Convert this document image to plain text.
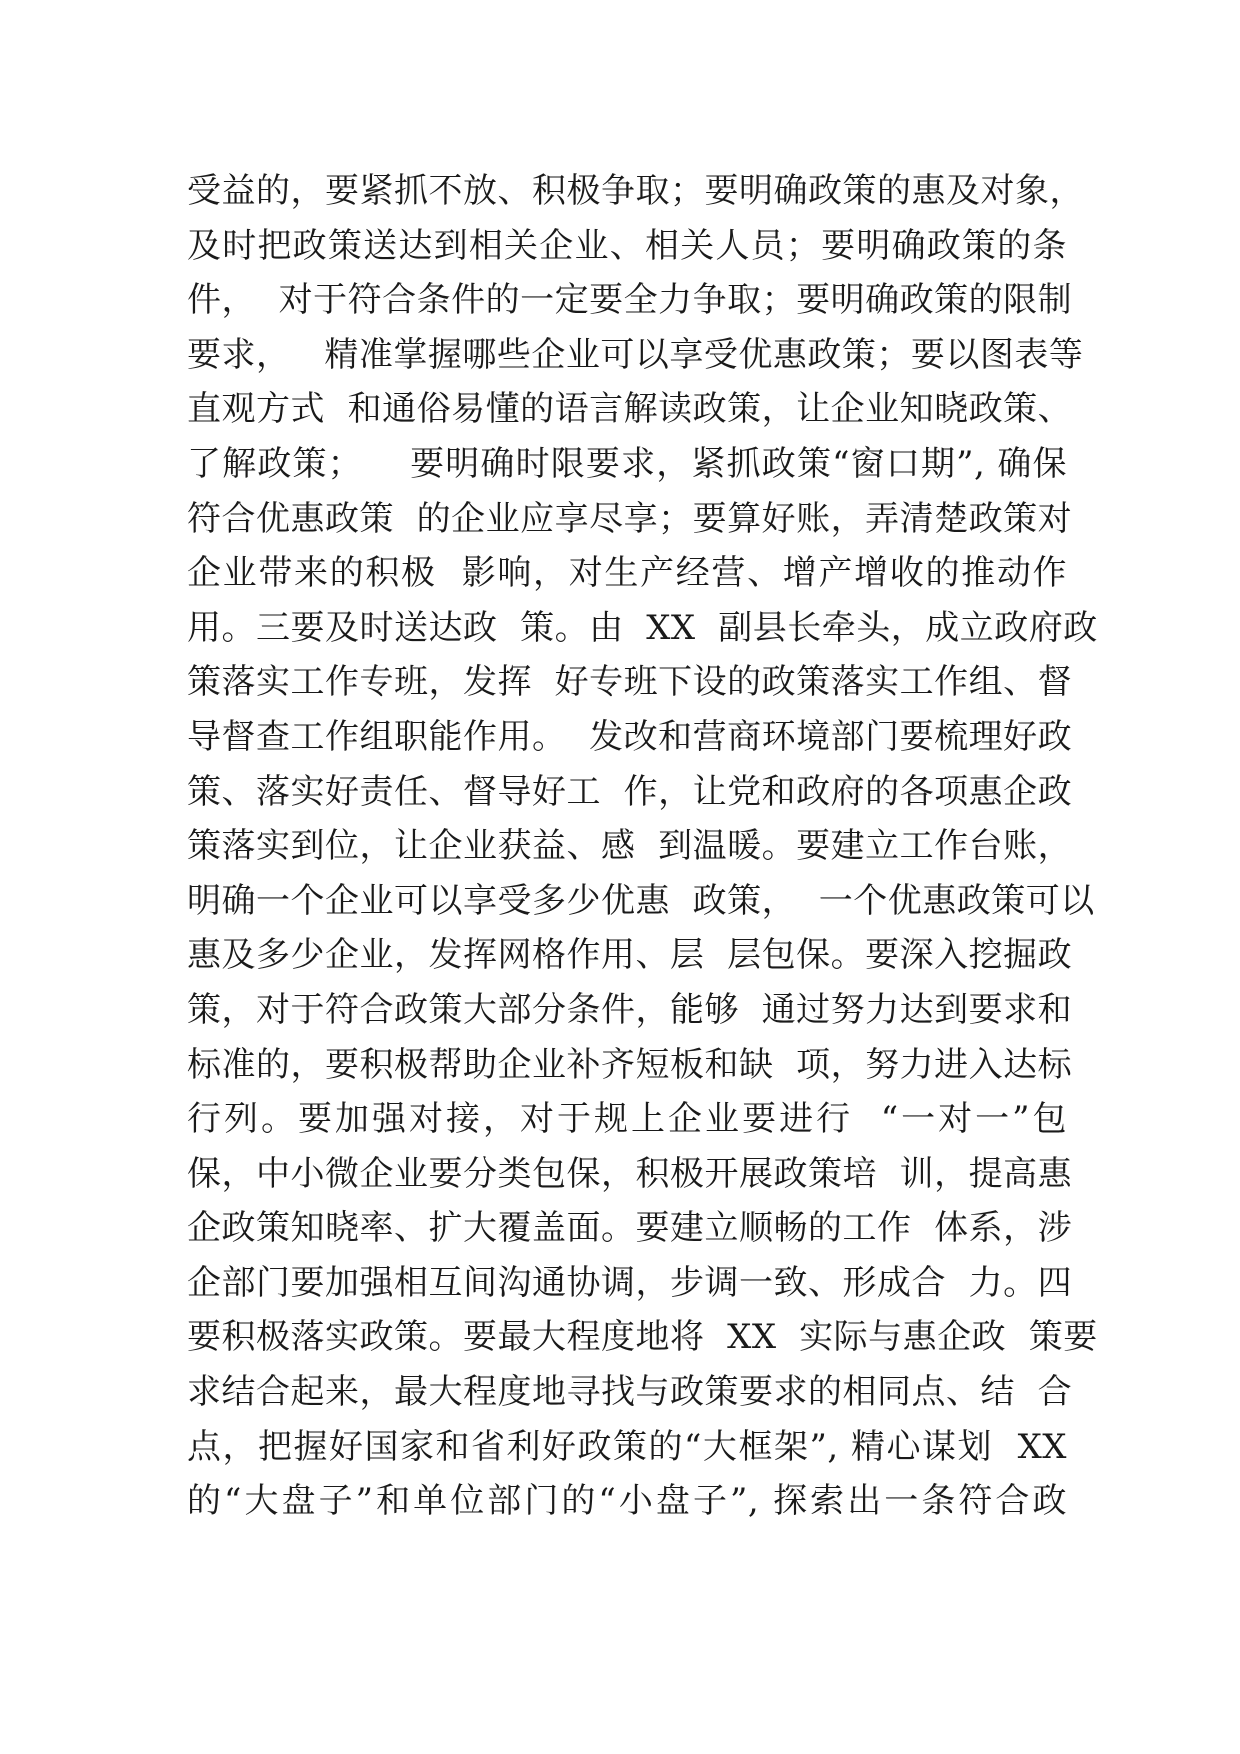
受益的，要紧抓不放、积极争取；要明确政策的惠及对象，
及时把政策送达到相关企业、相关人员；要明确政策的条
件，  对于符合条件的一定要全力争取；要明确政策的限制
要求，   精准掌握哪些企业可以享受优惠政策；要以图表等
直观方式  和通俗易懂的语言解读政策，让企业知晓政策、
了解政策；    要明确时限要求，紧抓政策“窗口期”, 确保
符合优惠政策  的企业应享尽享；要算好账，弄清楚政策对
企业带来的积极  影响，对生产经营、增产增收的推动作
用。三要及时送达政  策。由  XX  副县长牵头，成立政府政
策落实工作专班，发挥  好专班下设的政策落实工作组、督
导督查工作组职能作用。  发改和营商环境部门要梳理好政
策、落实好责任、督导好工  作，让党和政府的各项惠企政
策落实到位，让企业获益、感  到温暖。要建立工作台账，
明确一个企业可以享受多少优惠  政策，  一个优惠政策可以
惠及多少企业，发挥网格作用、层  层包保。要深入挖掘政
策，对于符合政策大部分条件，能够  通过努力达到要求和
标准的，要积极帮助企业补齐短板和缺  项，努力进入达标
行列。要加强对接，对于规上企业要进行  “一对一”包
保，中小微企业要分类包保，积极开展政策培  训，提高惠
企政策知晓率、扩大覆盖面。要建立顺畅的工作  体系，涉
企部门要加强相互间沟通协调，步调一致、形成合  力。四
要积极落实政策。要最大程度地将  XX  实际与惠企政  策要
求结合起来，最大程度地寻找与政策要求的相同点、结  合
点，把握好国家和省利好政策的“大框架”, 精心谋划  XX
的“大盘子”和单位部门的“小盘子”, 探索出一条符合政
